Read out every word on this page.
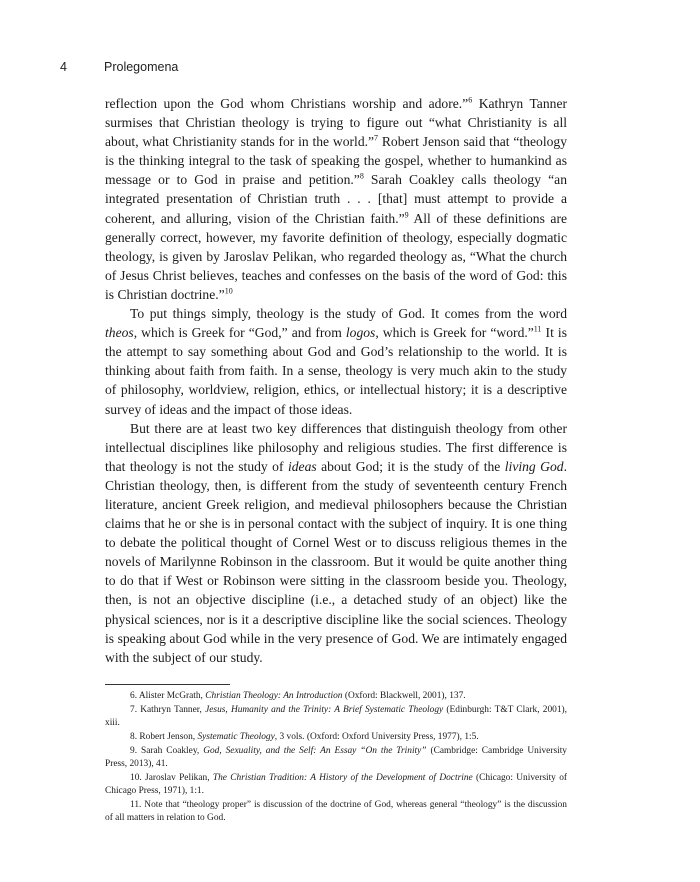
4	Prolegomena

reflection upon the God whom Christians worship and adore.”$^6$ Kathryn Tanner surmises that Christian theology is trying to figure out “what Christianity is all about, what Christianity stands for in the world.”$^7$ Robert Jenson said that “theology is the thinking integral to the task of speaking the gospel, whether to humankind as message or to God in praise and petition.”$^8$ Sarah Coakley calls theology “an integrated presentation of Christian truth . . . [that] must attempt to provide a coherent, and alluring, vision of the Christian faith.”$^9$ All of these definitions are generally correct, however, my favorite definition of theology, especially dogmatic theology, is given by Jaroslav Pelikan, who regarded theology as, “What the church of Jesus Christ believes, teaches and confesses on the basis of the word of God: this is Christian doctrine.”$^{10}$

To put things simply, theology is the study of God. It comes from the word theos, which is Greek for “God,” and from logos, which is Greek for “word.”$^{11}$ It is the attempt to say something about God and God’s relationship to the world. It is thinking about faith from faith. In a sense, theology is very much akin to the study of philosophy, worldview, religion, ethics, or intellectual history; it is a descriptive survey of ideas and the impact of those ideas.

But there are at least two key differences that distinguish theology from other intellectual disciplines like philosophy and religious studies. The first difference is that theology is not the study of ideas about God; it is the study of the living God. Christian theology, then, is different from the study of seventeenth century French literature, ancient Greek religion, and medieval philosophers because the Christian claims that he or she is in personal contact with the subject of inquiry. It is one thing to debate the political thought of Cornel West or to discuss religious themes in the novels of Marilynne Robinson in the classroom. But it would be quite another thing to do that if West or Robinson were sitting in the classroom beside you. Theology, then, is not an objective discipline (i.e., a detached study of an object) like the physical sciences, nor is it a descriptive discipline like the social sciences. Theology is speaking about God while in the very presence of God. We are intimately engaged with the subject of our study.

6. Alister McGrath, Christian Theology: An Introduction (Oxford: Blackwell, 2001), 137.

7. Kathryn Tanner, Jesus, Humanity and the Trinity: A Brief Systematic Theology (Edinburgh: T&T Clark, 2001), xiii.

8. Robert Jenson, Systematic Theology, 3 vols. (Oxford: Oxford University Press, 1977), 1:5.

9. Sarah Coakley, God, Sexuality, and the Self: An Essay “On the Trinity” (Cambridge: Cambridge University Press, 2013), 41.

10. Jaroslav Pelikan, The Christian Tradition: A History of the Development of Doctrine (Chicago: University of Chicago Press, 1971), 1:1.

11. Note that “theology proper” is discussion of the doctrine of God, whereas general “theology” is the discussion of all matters in relation to God.
